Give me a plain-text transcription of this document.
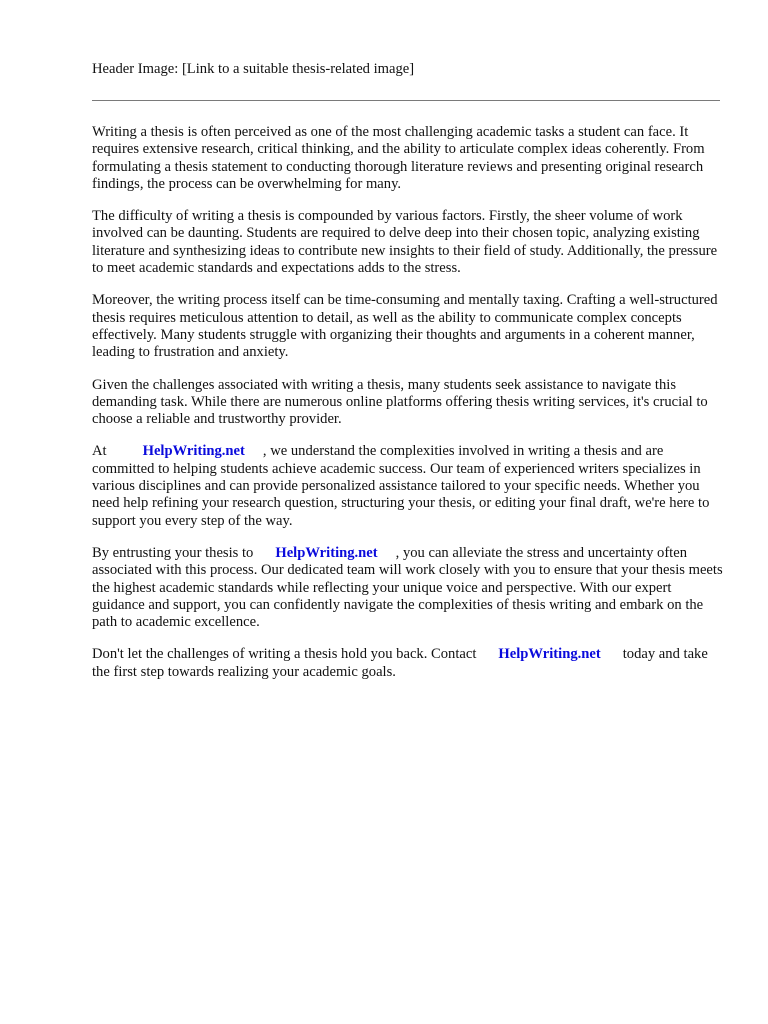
Header Image: [Link to a suitable thesis-related image]

Writing a thesis is often perceived as one of the most challenging academic tasks a student can face. It requires extensive research, critical thinking, and the ability to articulate complex ideas coherently. From formulating a thesis statement to conducting thorough literature reviews and presenting original research findings, the process can be overwhelming for many.

The difficulty of writing a thesis is compounded by various factors. Firstly, the sheer volume of work involved can be daunting. Students are required to delve deep into their chosen topic, analyzing existing literature and synthesizing ideas to contribute new insights to their field of study. Additionally, the pressure to meet academic standards and expectations adds to the stress.

Moreover, the writing process itself can be time-consuming and mentally taxing. Crafting a well-structured thesis requires meticulous attention to detail, as well as the ability to communicate complex concepts effectively. Many students struggle with organizing their thoughts and arguments in a coherent manner, leading to frustration and anxiety.

Given the challenges associated with writing a thesis, many students seek assistance to navigate this demanding task. While there are numerous online platforms offering thesis writing services, it's crucial to choose a reliable and trustworthy provider.

At HelpWriting.net , we understand the complexities involved in writing a thesis and are committed to helping students achieve academic success. Our team of experienced writers specializes in various disciplines and can provide personalized assistance tailored to your specific needs. Whether you need help refining your research question, structuring your thesis, or editing your final draft, we're here to support you every step of the way.

By entrusting your thesis to HelpWriting.net , you can alleviate the stress and uncertainty often associated with this process. Our dedicated team will work closely with you to ensure that your thesis meets the highest academic standards while reflecting your unique voice and perspective. With our expert guidance and support, you can confidently navigate the complexities of thesis writing and embark on the path to academic excellence.

Don't let the challenges of writing a thesis hold you back. Contact HelpWriting.net today and take the first step towards realizing your academic goals.
